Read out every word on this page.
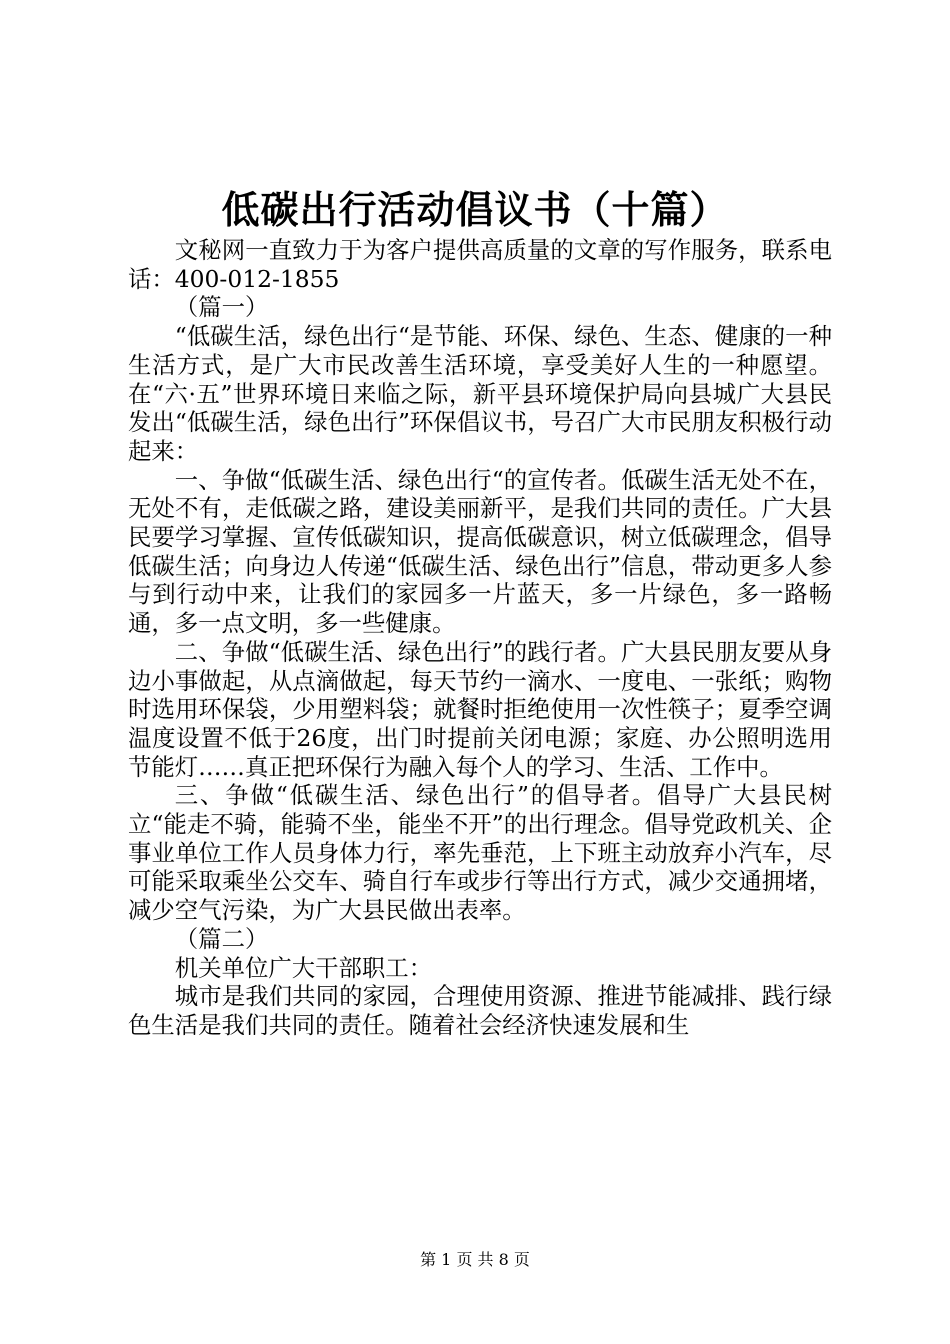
低碳出行活动倡议书（十篇）

文秘网一直致力于为客户提供高质量的文章的写作服务，联系电话：400-012-1855

（篇一）

“低碳生活，绿色出行“是节能、环保、绿色、生态、健康的一种生活方式，是广大市民改善生活环境，享受美好人生的一种愿望。在“六·五”世界环境日来临之际，新平县环境保护局向县城广大县民发出“低碳生活，绿色出行”环保倡议书，号召广大市民朋友积极行动起来：

一、争做“低碳生活、绿色出行“的宣传者。低碳生活无处不在，无处不有，走低碳之路，建设美丽新平，是我们共同的责任。广大县民要学习掌握、宣传低碳知识，提高低碳意识，树立低碳理念，倡导低碳生活；向身边人传递“低碳生活、绿色出行”信息，带动更多人参与到行动中来，让我们的家园多一片蓝天，多一片绿色，多一路畅通，多一点文明，多一些健康。

二、争做“低碳生活、绿色出行”的践行者。广大县民朋友要从身边小事做起，从点滴做起，每天节约一滴水、一度电、一张纸；购物时选用环保袋，少用塑料袋；就餐时拒绝使用一次性筷子；夏季空调温度设置不低于26度，出门时提前关闭电源；家庭、办公照明选用节能灯……真正把环保行为融入每个人的学习、生活、工作中。

三、争做“低碳生活、绿色出行”的倡导者。倡导广大县民树立“能走不骑，能骑不坐，能坐不开”的出行理念。倡导党政机关、企事业单位工作人员身体力行，率先垂范，上下班主动放弃小汽车，尽可能采取乘坐公交车、骑自行车或步行等出行方式，减少交通拥堵，减少空气污染，为广大县民做出表率。

（篇二）

机关单位广大干部职工：

城市是我们共同的家园，合理使用资源、推进节能减排、践行绿色生活是我们共同的责任。随着社会经济快速发展和生

第 1 页 共 8 页
